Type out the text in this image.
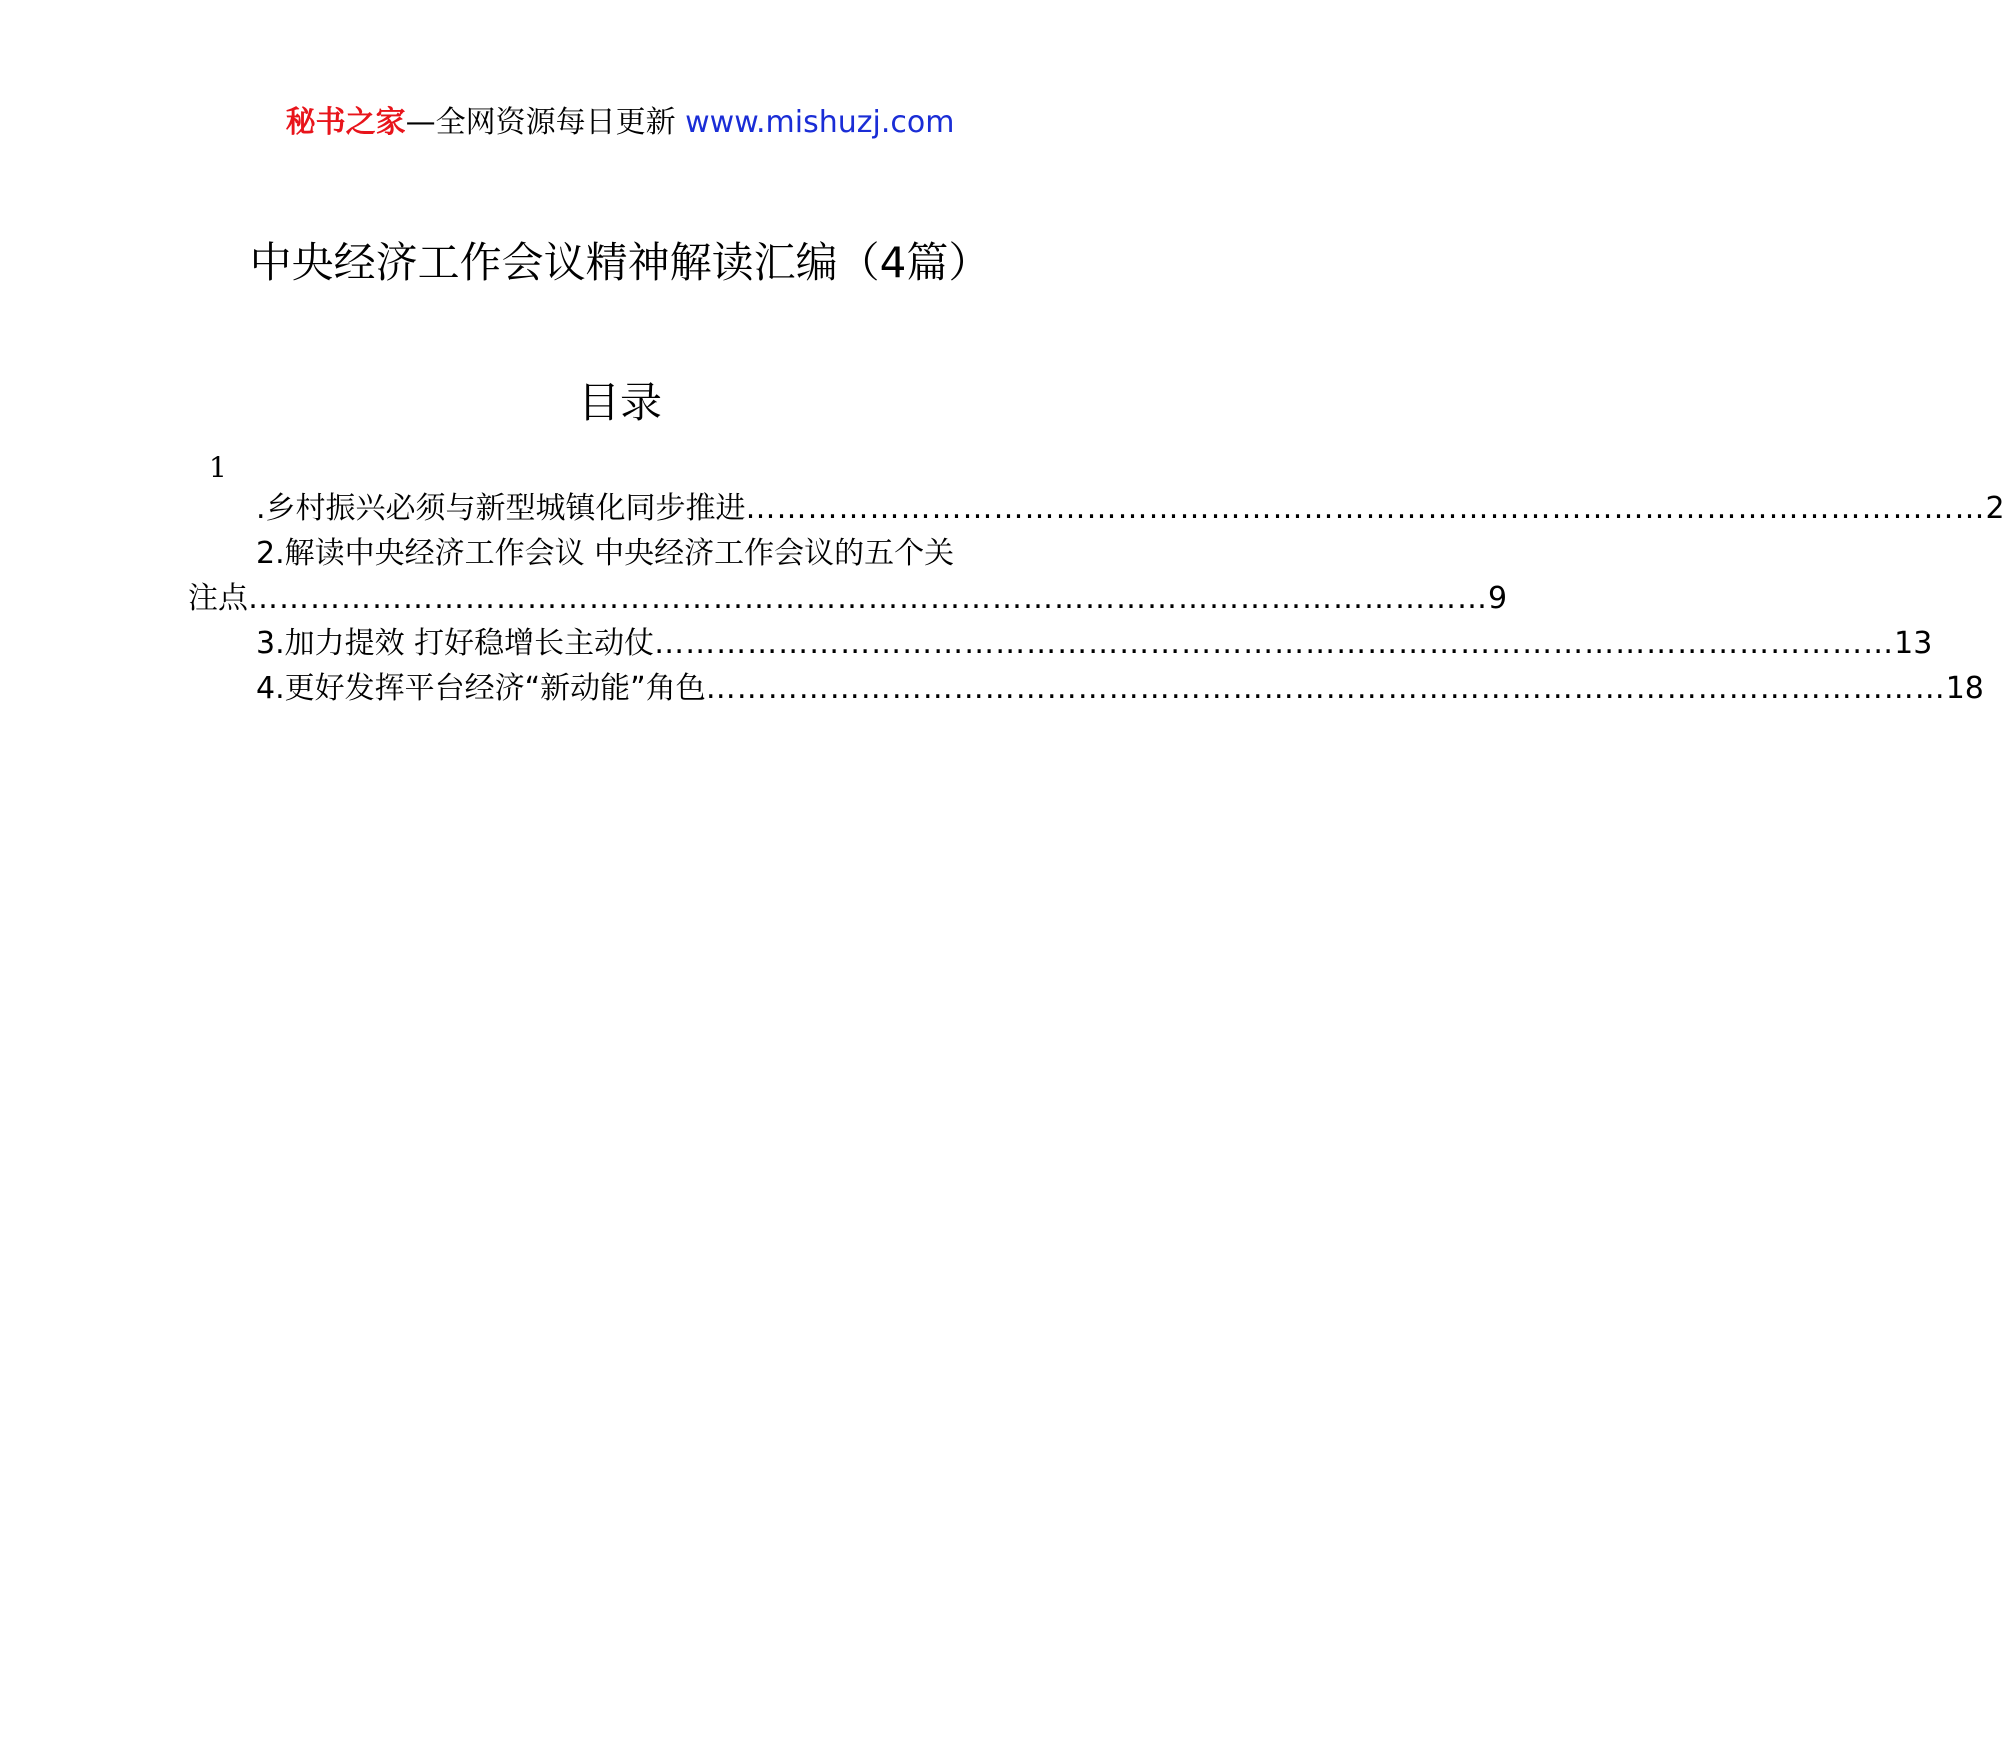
秘书之家—全网资源每日更新 www.mishuzj.com
中央经济工作会议精神解读汇编（4篇）
目录
1
.乡村振兴必须与新型城镇化同步推进 ………………………………………………………………………………………………………… 2
2.解读中央经济工作会议 中央经济工作会议的五个关
注点 ………………………………………………………………………………………………………… 9
3.加力提效 打好稳增长主动仗 ………………………………………………………………………………………………………… 13
4.更好发挥平台经济“新动能”角色 ………………………………………………………………………………………………………… 18
